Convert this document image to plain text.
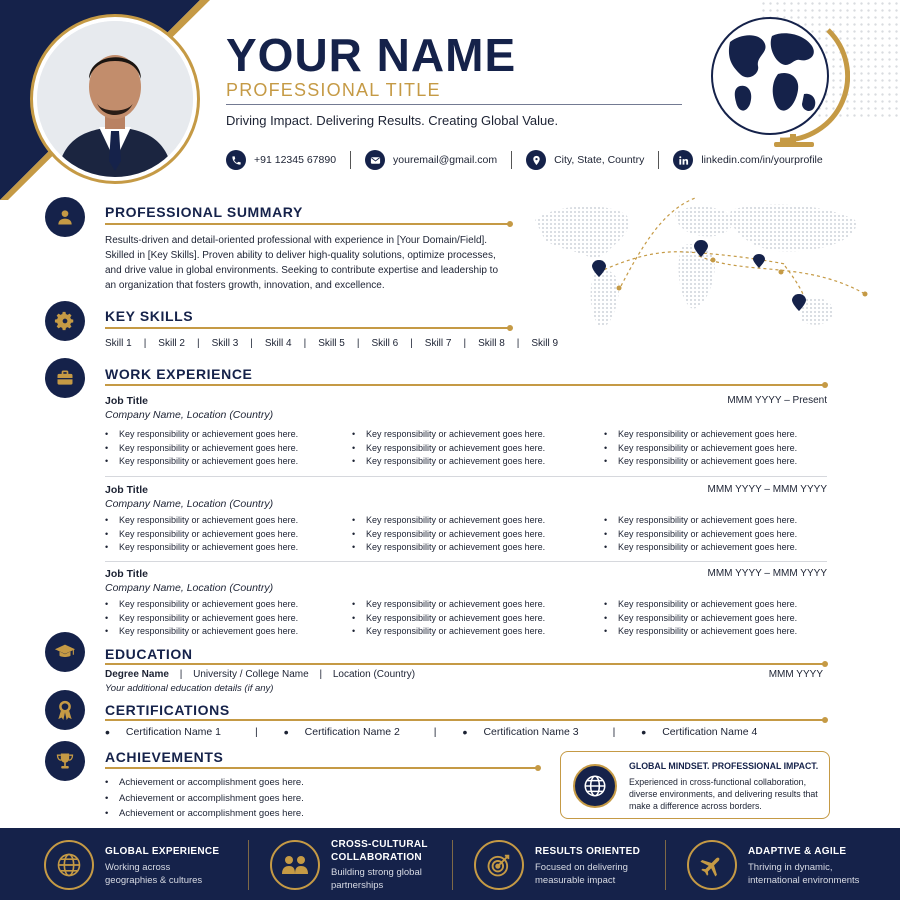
YOUR NAME
PROFESSIONAL TITLE
Driving Impact. Delivering Results. Creating Global Value.
+91 12345 67890	youremail@gmail.com	City, State, Country	linkedin.com/in/yourprofile
PROFESSIONAL SUMMARY
Results-driven and detail-oriented professional with experience in [Your Domain/Field]. Skilled in [Key Skills]. Proven ability to deliver high-quality solutions, optimize processes, and drive value in global environments. Seeking to contribute expertise and leadership to an organization that fosters growth, innovation, and excellence.
KEY SKILLS
Skill 1 | Skill 2 | Skill 3 | Skill 4 | Skill 5 | Skill 6 | Skill 7 | Skill 8 | Skill 9
WORK EXPERIENCE
Job Title	MMM YYYY – Present
Company Name, Location (Country)
• Key responsibility or achievement goes here.
• Key responsibility or achievement goes here.
• Key responsibility or achievement goes here.
• Key responsibility or achievement goes here.
• Key responsibility or achievement goes here.
• Key responsibility or achievement goes here.
• Key responsibility or achievement goes here.
• Key responsibility or achievement goes here.
• Key responsibility or achievement goes here.
Job Title	MMM YYYY – MMM YYYY
Company Name, Location (Country)
• Key responsibility or achievement goes here.
• Key responsibility or achievement goes here.
• Key responsibility or achievement goes here.
• Key responsibility or achievement goes here.
• Key responsibility or achievement goes here.
• Key responsibility or achievement goes here.
• Key responsibility or achievement goes here.
• Key responsibility or achievement goes here.
• Key responsibility or achievement goes here.
Job Title	MMM YYYY – MMM YYYY
Company Name, Location (Country)
• Key responsibility or achievement goes here.
• Key responsibility or achievement goes here.
• Key responsibility or achievement goes here.
• Key responsibility or achievement goes here.
• Key responsibility or achievement goes here.
• Key responsibility or achievement goes here.
• Key responsibility or achievement goes here.
• Key responsibility or achievement goes here.
• Key responsibility or achievement goes here.
EDUCATION
Degree Name | University / College Name | Location (Country)
Your additional education details (if any)
MMM YYYY
CERTIFICATIONS
• Certification Name 1	| • Certification Name 2	| • Certification Name 3	| • Certification Name 4
ACHIEVEMENTS
• Achievement or accomplishment goes here.
• Achievement or accomplishment goes here.
• Achievement or accomplishment goes here.
GLOBAL MINDSET. PROFESSIONAL IMPACT.
Experienced in cross-functional collaboration, diverse environments, and delivering results that make a difference across borders.
GLOBAL EXPERIENCE
Working across geographies & cultures
CROSS-CULTURAL COLLABORATION
Building strong global partnerships
RESULTS ORIENTED
Focused on delivering measurable impact
ADAPTIVE & AGILE
Thriving in dynamic, international environments
